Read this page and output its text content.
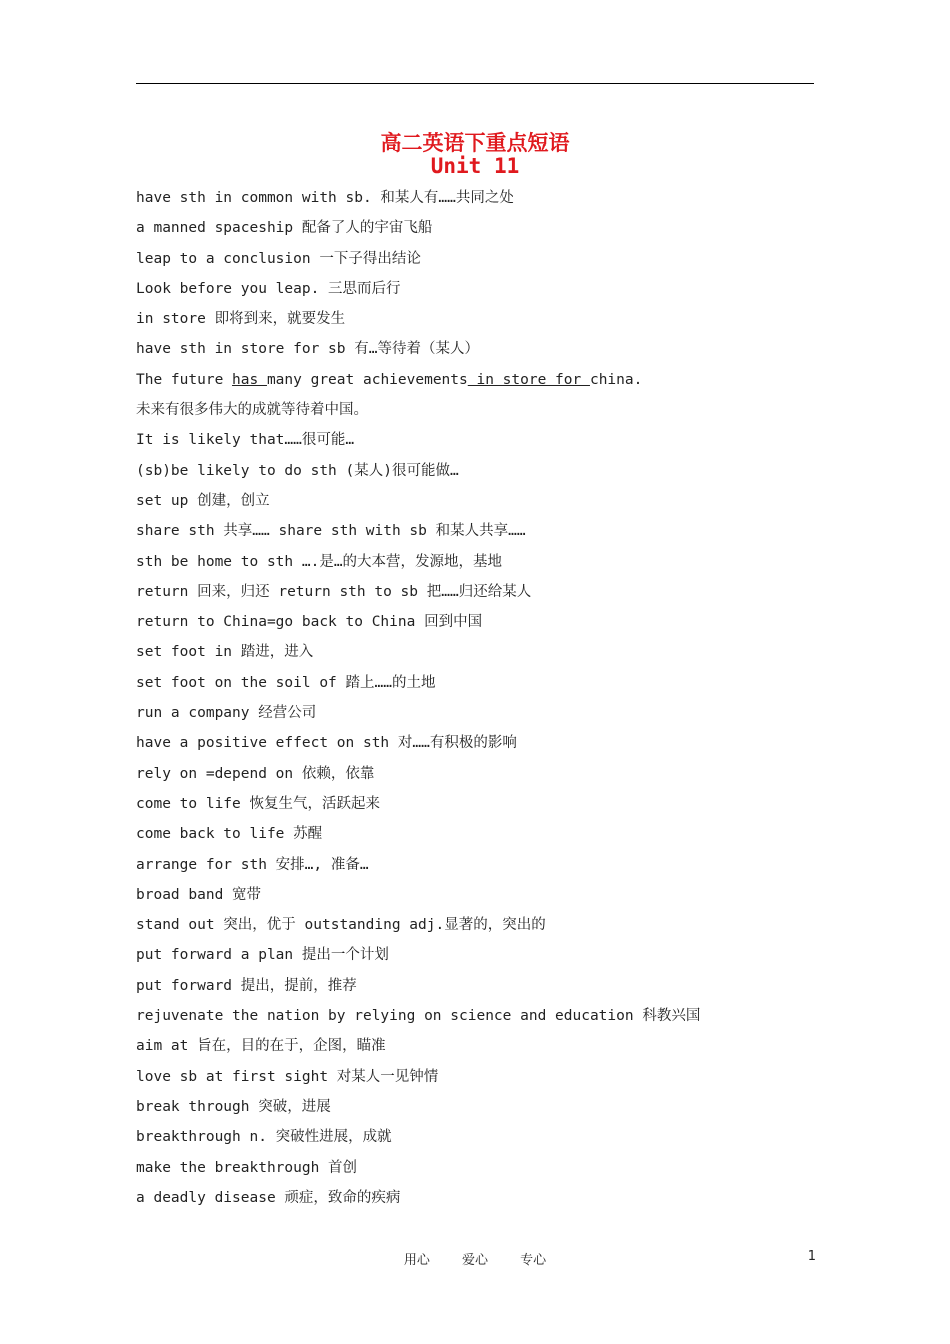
高二英语下重点短语
Unit 11
have sth in common with sb. 和某人有……共同之处
a manned spaceship 配备了人的宇宙飞船
leap to a conclusion 一下子得出结论
Look before you leap. 三思而后行
in store 即将到来，就要发生
have sth in store for sb 有…等待着（某人）
The future has many great achievements in store for china.
未来有很多伟大的成就等待着中国。
It is likely that……很可能…
(sb)be likely to do sth (某人)很可能做…
set up 创建，创立
share sth 共享…… share sth with sb 和某人共享……
sth be home to sth ….是…的大本营，发源地，基地
return 回来，归还 return sth to sb 把……归还给某人
return to China=go back to China 回到中国
set foot in 踏进，进入
set foot on the soil of 踏上……的土地
run a company 经营公司
have a positive effect on sth 对……有积极的影响
rely on =depend on 依赖，依靠
come to life 恢复生气，活跃起来
come back to life 苏醒
arrange for sth 安排…, 准备…
broad band 宽带
stand out 突出，优于 outstanding adj.显著的，突出的
put forward a plan 提出一个计划
put forward 提出，提前，推荐
rejuvenate the nation by relying on science and education 科教兴国
aim at 旨在，目的在于，企图，瞄准
love sb at first sight 对某人一见钟情
break through 突破，进展
breakthrough n. 突破性进展，成就
make the breakthrough 首创
a deadly disease 顽症，致命的疾病
用心 爱心 专心	1
